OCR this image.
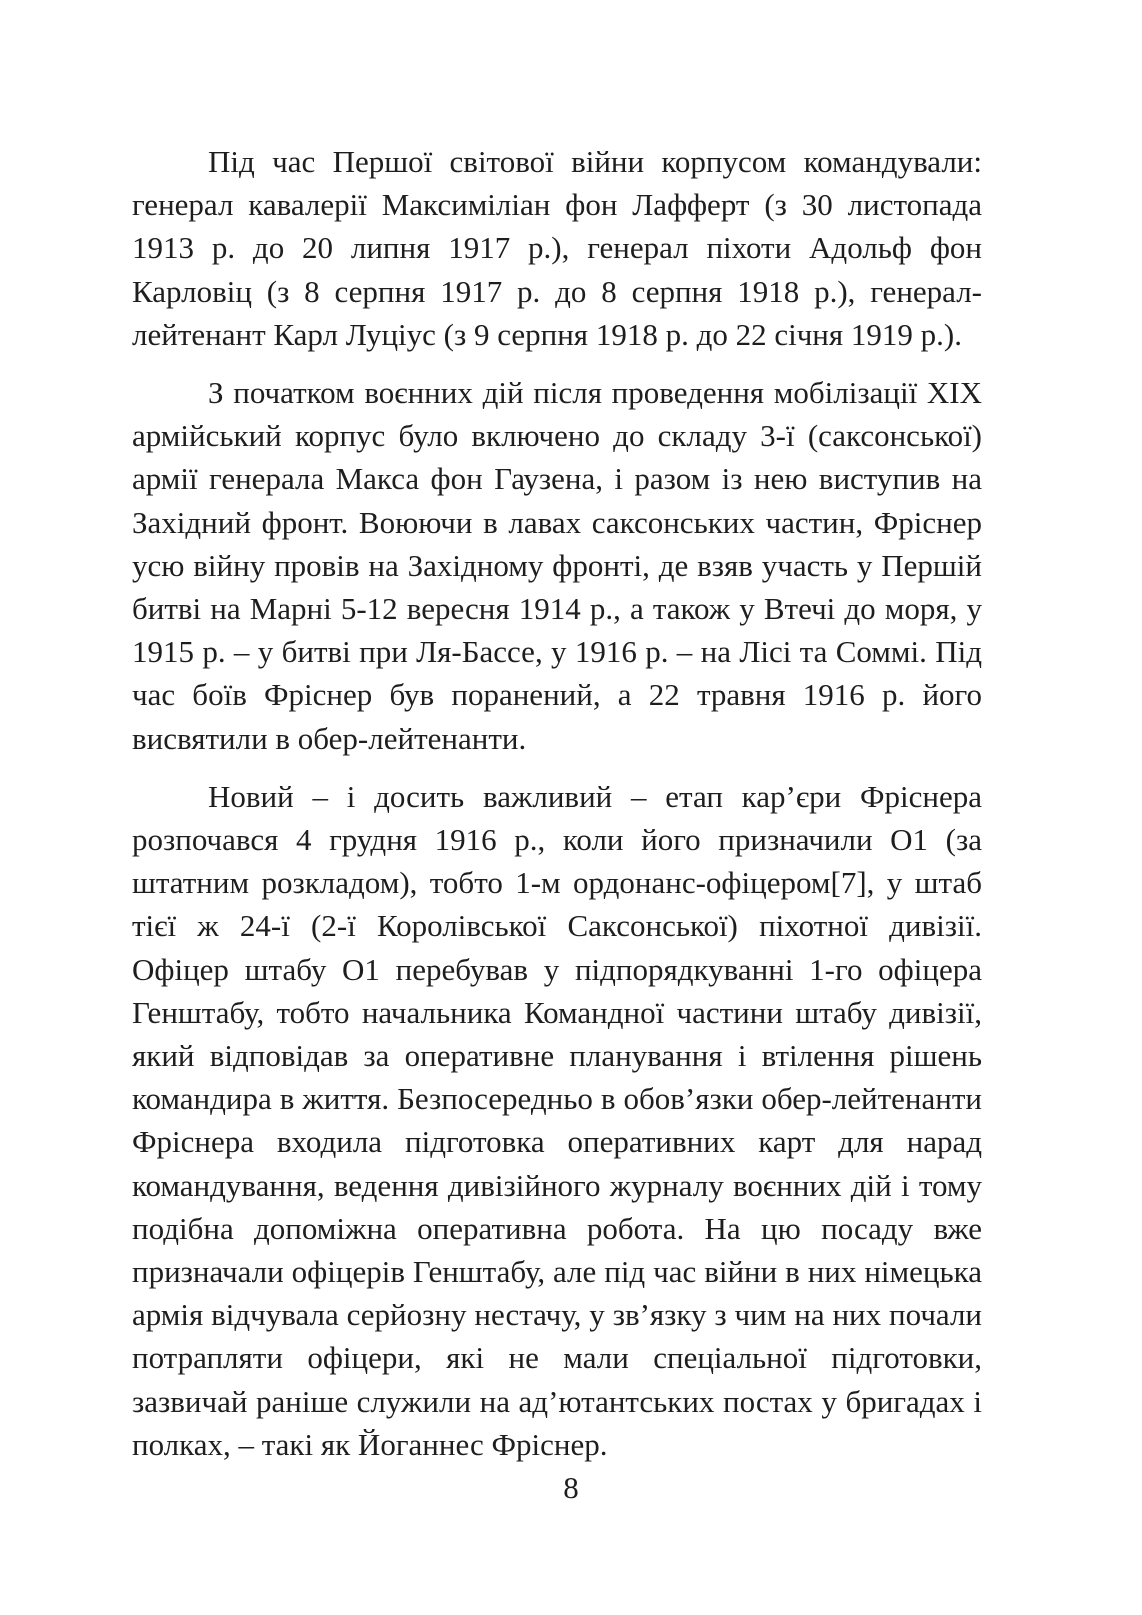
Під час Першої світової війни корпусом командували: генерал кавалерії Максиміліан фон Лафферт (з 30 листопада 1913 р. до 20 липня 1917 р.), генерал піхоти Адольф фон Карловіц (з 8 серпня 1917 р. до 8 серпня 1918 р.), генерал-лейтенант Карл Луціус (з 9 серпня 1918 р. до 22 січня 1919 р.).

З початком воєнних дій після проведення мобілізації XIX армійський корпус було включено до складу 3-ї (саксонської) армії генерала Макса фон Гаузена, і разом із нею виступив на Західний фронт. Воюючи в лавах саксонських частин, Фріснер усю війну провів на Західному фронті, де взяв участь у Першій битві на Марні 5-12 вересня 1914 р., а також у Втечі до моря, у 1915 р. – у битві при Ля-Бассе, у 1916 р. – на Лісі та Соммі. Під час боїв Фріснер був поранений, а 22 травня 1916 р. його висвятили в обер-лейтенанти.

Новий – і досить важливий – етап кар’єри Фріснера розпочався 4 грудня 1916 р., коли його призначили О1 (за штатним розкладом), тобто 1-м ордонанс-офіцером[7], у штаб тієї ж 24-ї (2-ї Королівської Саксонської) піхотної дивізії. Офіцер штабу О1 перебував у підпорядкуванні 1-го офіцера Генштабу, тобто начальника Командної частини штабу дивізії, який відповідав за оперативне планування і втілення рішень командира в життя. Безпосередньо в обов’язки обер-лейтенанти Фріснера входила підготовка оперативних карт для нарад командування, ведення дивізійного журналу воєнних дій і тому подібна допоміжна оперативна робота. На цю посаду вже призначали офіцерів Генштабу, але під час війни в них німецька армія відчувала серйозну нестачу, у зв’язку з чим на них почали потрапляти офіцери, які не мали спеціальної підготовки, зазвичай раніше служили на ад’ютантських постах у бригадах і полках, – такі як Йоганнес Фріснер.

8
